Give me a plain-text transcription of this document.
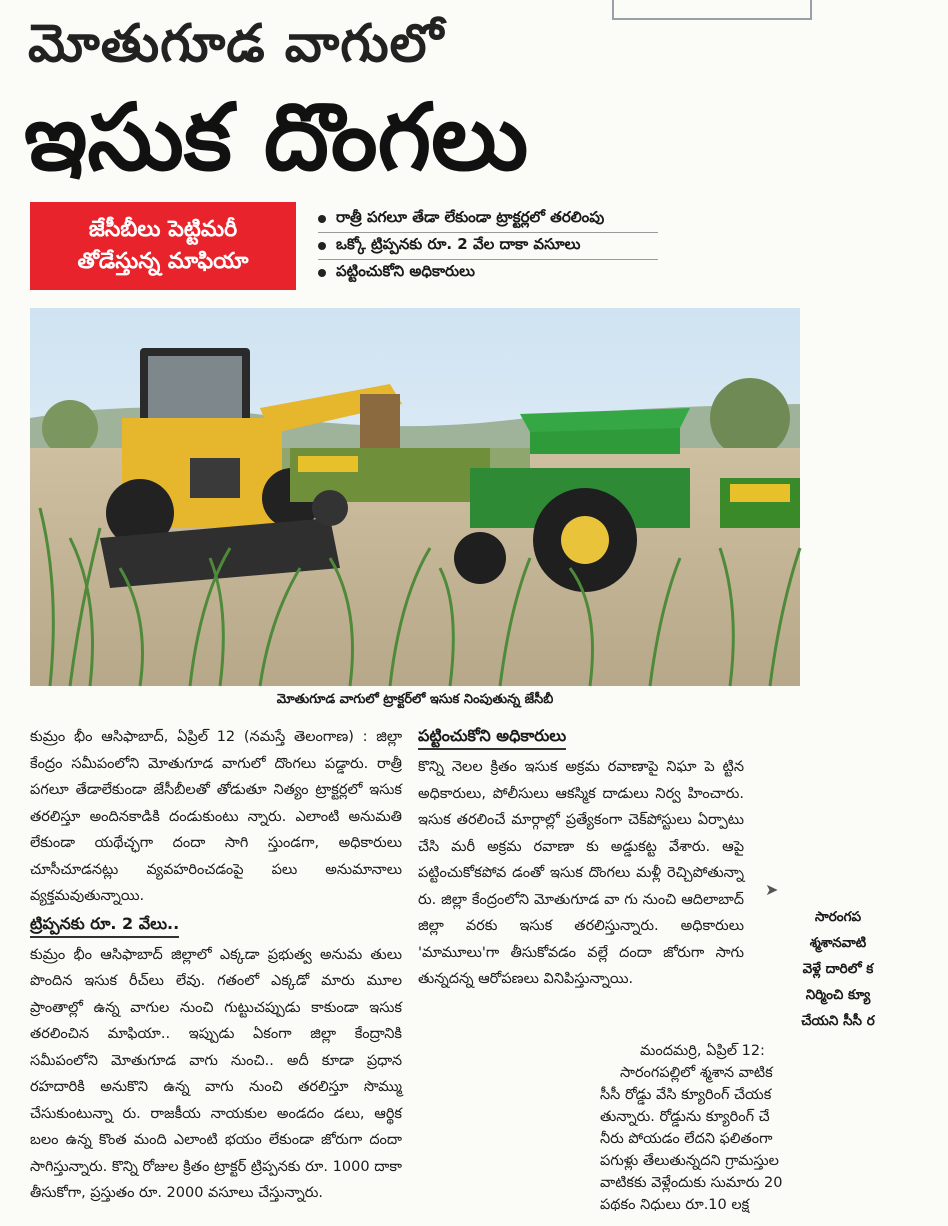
మోతుగూడ వాగులో
ఇసుక దొంగలు
జేసీబీలు పెట్టిమరీ
తోడేస్తున్న మాఫియా
రాత్రీ పగలూ తేడా లేకుండా ట్రాక్టర్లలో తరలింపు
ఒక్కో ట్రిప్పనకు రూ. 2 వేల దాకా వసూలు
పట్టించుకోని అధికారులు
మోతుగూడ వాగులో ట్రాక్టర్‌లో ఇసుక నింపుతున్న జేసీబీ

కుమ్రం భీం ఆసిఫాబాద్, ఏప్రిల్ 12 (నమస్తే తెలంగాణ) : జిల్లా కేంద్రం సమీపంలోని మోతుగూడ వాగులో దొంగలు పడ్డారు. రాత్రీ పగలూ తేడాలేకుండా జేసీబీలతో తోడుతూ నిత్యం ట్రాక్టర్లలో ఇసుక తరలిస్తూ అందినకాడికి దండుకుంటు న్నారు. ఎలాంటి అనుమతి లేకుండా యథేచ్ఛగా దందా సాగి స్తుండగా, అధికారులు చూసీచూడనట్లు వ్యవహరించడంపై పలు అనుమానాలు వ్యక్తమవుతున్నాయి.

ట్రిప్పనకు రూ. 2 వేలు..

కుమ్రం భీం ఆసిఫాబాద్ జిల్లాలో ఎక్కడా ప్రభుత్వ అనుమ తులు పొందిన ఇసుక రీచ్‌లు లేవు. గతంలో ఎక్కడో మారు మూల ప్రాంతాల్లో ఉన్న వాగుల నుంచి గుట్టుచప్పుడు కాకుండా ఇసుక తరలించిన మాఫియా.. ఇప్పుడు ఏకంగా జిల్లా కేంద్రానికి సమీపంలోని మోతుగూడ వాగు నుంచి.. అదీ కూడా ప్రధాన రహదారికి అనుకొని ఉన్న వాగు నుంచి తరలిస్తూ సొమ్ము చేసుకుంటున్నా రు. రాజకీయ నాయకుల అండదం డలు, ఆర్థిక బలం ఉన్న కొంత మంది ఎలాంటి భయం లేకుండా జోరుగా దందా సాగిస్తున్నారు. కొన్ని రోజుల క్రితం ట్రాక్టర్ ట్రిప్పనకు రూ. 1000 దాకా తీసుకోగా, ప్రస్తుతం రూ. 2000 వసూలు చేస్తున్నారు.

పట్టించుకోని అధికారులు

కొన్ని నెలల క్రితం ఇసుక అక్రమ రవాణాపై నిఘా పె ట్టిన అధికారులు, పోలీసులు ఆకస్మిక దాడులు నిర్వ హించారు. ఇసుక తరలించే మార్గాల్లో ప్రత్యేకంగా చెక్‌పోస్టులు ఏర్పాటు చేసి మరీ అక్రమ రవాణా కు అడ్డుకట్ట వేశారు. ఆపై పట్టించుకోకపోవ డంతో ఇసుక దొంగలు మళ్లీ రెచ్చిపోతున్నా రు. జిల్లా కేంద్రంలోని మోతుగూడ వా గు నుంచి ఆదిలాబాద్ జిల్లా వరకు ఇసుక తరలిస్తున్నారు. అధికారులు 'మామూలు'గా తీసుకోవడం వల్లే దందా జోరుగా సాగు తున్నదన్న ఆరోపణలు వినిపిస్తున్నాయి.

➤
సారంగప
శ్మశానవాటి
వెళ్లే దారిలో క
నిర్మించి క్యూ
చేయని సీసీ ర
మందమర్రి, ఏప్రిల్ 12:
సారంగపల్లిలో శ్మశాన వాటిక
సీసీ రోడ్డు వేసి క్యూరింగ్ చేయక
తున్నారు. రోడ్డును క్యూరింగ్ చే
నీరు పోయడం లేదని ఫలితంగా
పగుళ్లు తేలుతున్నదని గ్రామస్తుల
వాటికకు వెళ్లేందుకు సుమారు 20
పథకం నిధులు రూ.10 లక్ష
